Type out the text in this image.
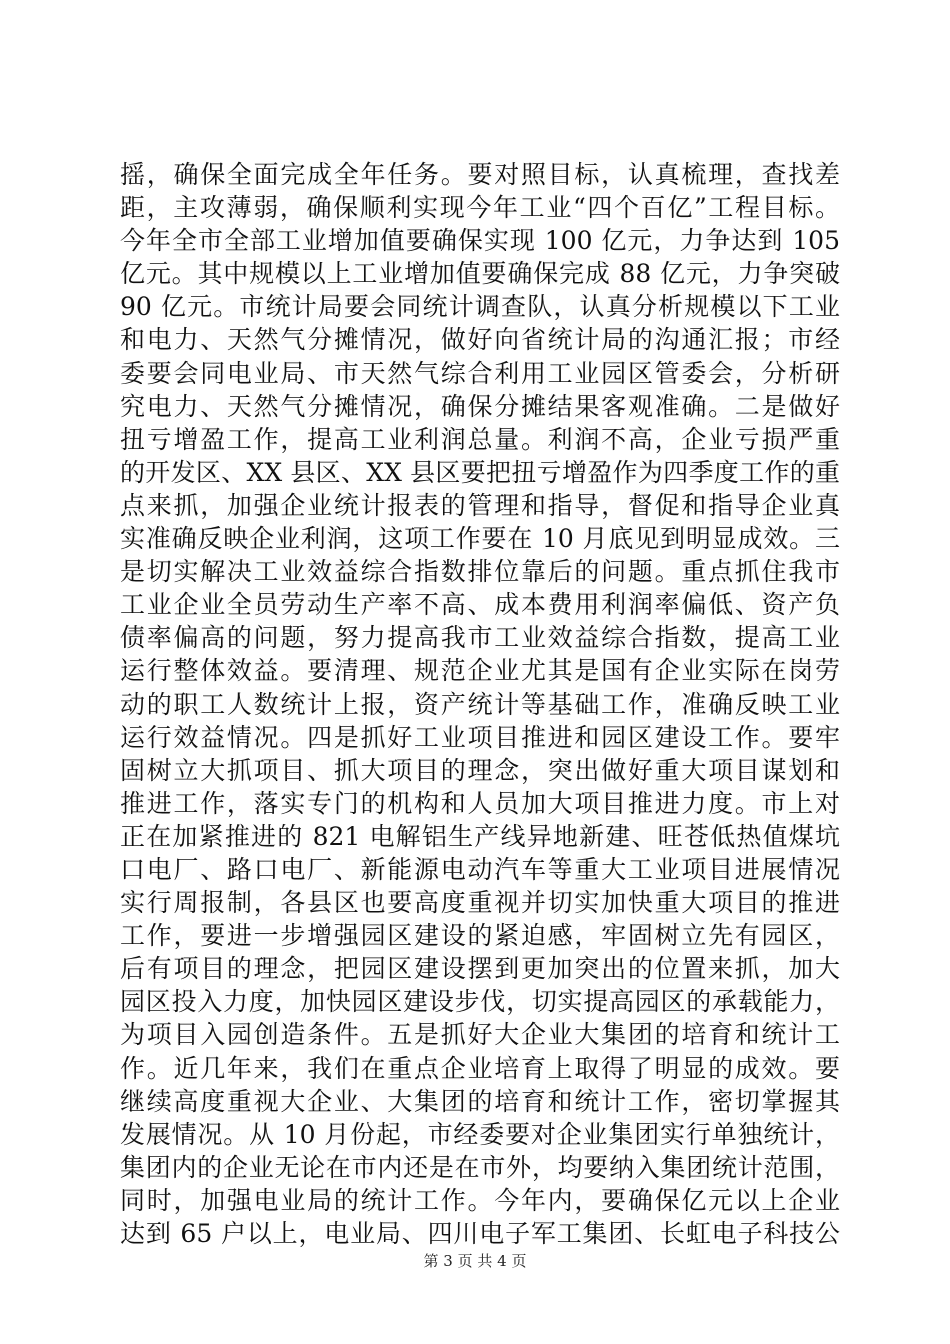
摇，确保全面完成全年任务。要对照目标，认真梳理，查找差
距，主攻薄弱，确保顺利实现今年工业“四个百亿”工程目标。
今年全市全部工业增加值要确保实现 100 亿元，力争达到 105
亿元。其中规模以上工业增加值要确保完成 88 亿元，力争突破
90 亿元。市统计局要会同统计调查队，认真分析规模以下工业
和电力、天然气分摊情况，做好向省统计局的沟通汇报；市经
委要会同电业局、市天然气综合利用工业园区管委会，分析研
究电力、天然气分摊情况，确保分摊结果客观准确。二是做好
扭亏增盈工作，提高工业利润总量。利润不高，企业亏损严重
的开发区、XX 县区、XX 县区要把扭亏增盈作为四季度工作的重
点来抓，加强企业统计报表的管理和指导，督促和指导企业真
实准确反映企业利润，这项工作要在 10 月底见到明显成效。三
是切实解决工业效益综合指数排位靠后的问题。重点抓住我市
工业企业全员劳动生产率不高、成本费用利润率偏低、资产负
债率偏高的问题，努力提高我市工业效益综合指数，提高工业
运行整体效益。要清理、规范企业尤其是国有企业实际在岗劳
动的职工人数统计上报，资产统计等基础工作，准确反映工业
运行效益情况。四是抓好工业项目推进和园区建设工作。要牢
固树立大抓项目、抓大项目的理念，突出做好重大项目谋划和
推进工作，落实专门的机构和人员加大项目推进力度。市上对
正在加紧推进的 821 电解铝生产线异地新建、旺苍低热值煤坑
口电厂、路口电厂、新能源电动汽车等重大工业项目进展情况
实行周报制，各县区也要高度重视并切实加快重大项目的推进
工作，要进一步增强园区建设的紧迫感，牢固树立先有园区，
后有项目的理念，把园区建设摆到更加突出的位置来抓，加大
园区投入力度，加快园区建设步伐，切实提高园区的承载能力，
为项目入园创造条件。五是抓好大企业大集团的培育和统计工
作。近几年来，我们在重点企业培育上取得了明显的成效。要
继续高度重视大企业、大集团的培育和统计工作，密切掌握其
发展情况。从 10 月份起，市经委要对企业集团实行单独统计，
集团内的企业无论在市内还是在市外，均要纳入集团统计范围，
同时，加强电业局的统计工作。今年内，要确保亿元以上企业
达到 65 户以上，电业局、四川电子军工集团、长虹电子科技公
第 3 页 共 4 页
